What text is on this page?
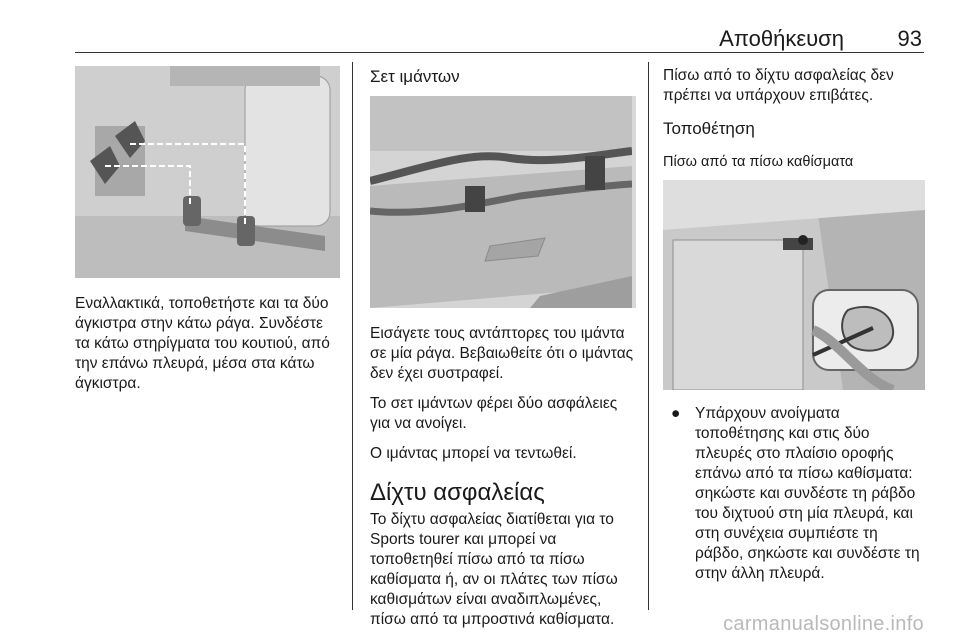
Αποθήκευση 93

Εναλλακτικά, τοποθετήστε και τα δύο άγκιστρα στην κάτω ράγα. Συνδέστε τα κάτω στηρίγματα του κουτιού, από την επάνω πλευρά, μέσα στα κάτω άγκιστρα.

Σετ ιμάντων

Εισάγετε τους αντάπτορες του ιμάντα σε μία ράγα. Βεβαιωθείτε ότι ο ιμάντας δεν έχει συστραφεί.

Το σετ ιμάντων φέρει δύο ασφάλειες για να ανοίγει.

Ο ιμάντας μπορεί να τεντωθεί.

Δίχτυ ασφαλείας

Το δίχτυ ασφαλείας διατίθεται για το Sports tourer και μπορεί να τοποθετηθεί πίσω από τα πίσω καθίσματα ή, αν οι πλάτες των πίσω καθισμάτων είναι αναδιπλωμένες, πίσω από τα μπροστινά καθίσματα.

Πίσω από το δίχτυ ασφαλείας δεν πρέπει να υπάρχουν επιβάτες.

Τοποθέτηση
Πίσω από τα πίσω καθίσματα
● Υπάρχουν ανοίγματα τοποθέτησης και στις δύο πλευρές στο πλαίσιο οροφής επάνω από τα πίσω καθίσματα: σηκώστε και συνδέστε τη ράβδο του διχτυού στη μία πλευρά, και στη συνέχεια συμπιέστε τη ράβδο, σηκώστε και συνδέστε τη στην άλλη πλευρά.
carmanualsonline.info
